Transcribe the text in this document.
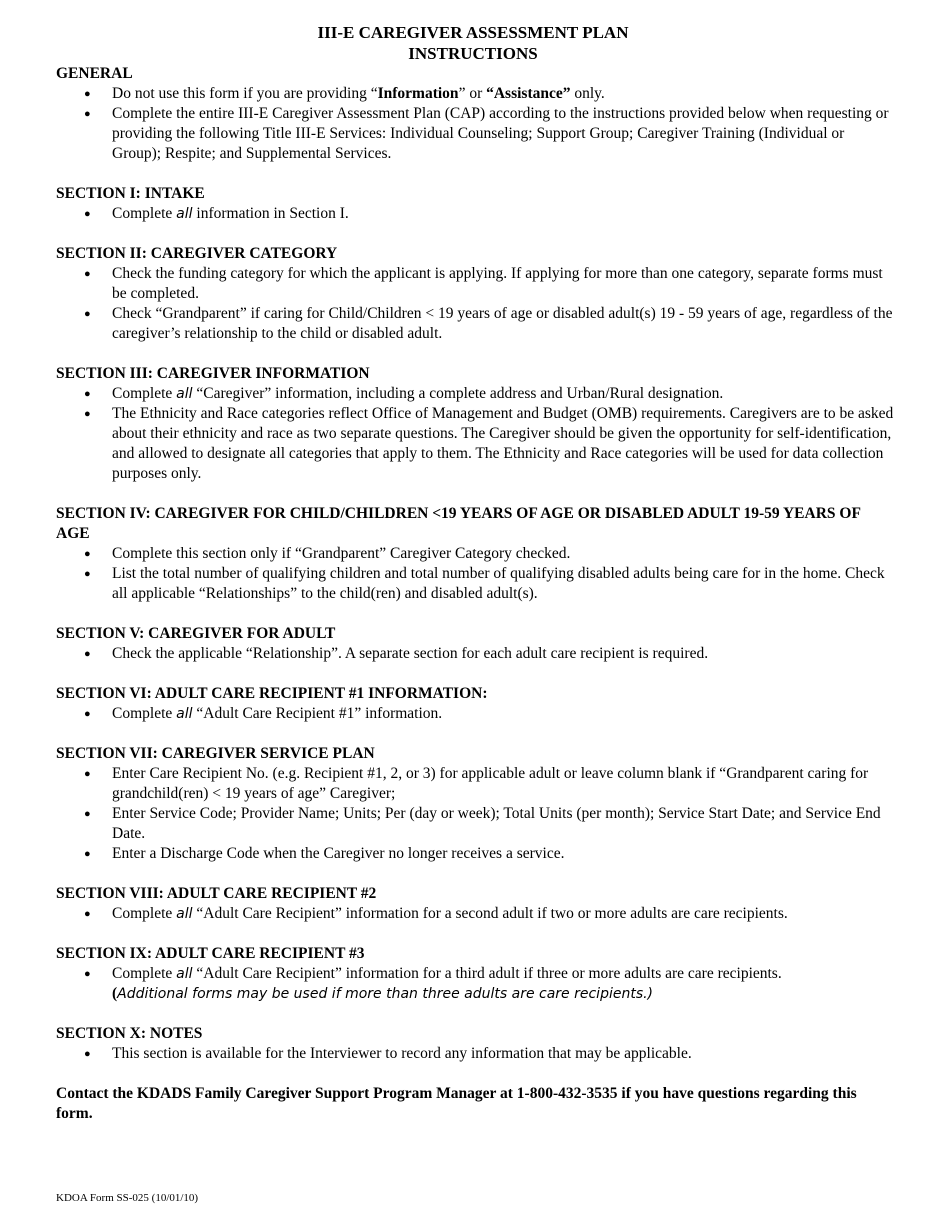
III-E CAREGIVER ASSESSMENT PLAN
INSTRUCTIONS
GENERAL
● Do not use this form if you are providing “Information” or “Assistance” only.
● Complete the entire III-E Caregiver Assessment Plan (CAP) according to the instructions provided below when requesting or providing the following Title III-E Services: Individual Counseling; Support Group; Caregiver Training (Individual or Group); Respite; and Supplemental Services.
SECTION I: INTAKE
● Complete all information in Section I.
SECTION II: CAREGIVER CATEGORY
● Check the funding category for which the applicant is applying. If applying for more than one category, separate forms must be completed.
● Check “Grandparent” if caring for Child/Children < 19 years of age or disabled adult(s) 19 - 59 years of age, regardless of the caregiver’s relationship to the child or disabled adult.
SECTION III: CAREGIVER INFORMATION
● Complete all “Caregiver” information, including a complete address and Urban/Rural designation.
● The Ethnicity and Race categories reflect Office of Management and Budget (OMB) requirements. Caregivers are to be asked about their ethnicity and race as two separate questions. The Caregiver should be given the opportunity for self-identification, and allowed to designate all categories that apply to them. The Ethnicity and Race categories will be used for data collection purposes only.
SECTION IV: CAREGIVER FOR CHILD/CHILDREN <19 YEARS OF AGE OR DISABLED ADULT 19-59 YEARS OF AGE
● Complete this section only if “Grandparent” Caregiver Category checked.
● List the total number of qualifying children and total number of qualifying disabled adults being care for in the home. Check all applicable “Relationships” to the child(ren) and disabled adult(s).
SECTION V: CAREGIVER FOR ADULT
● Check the applicable “Relationship”. A separate section for each adult care recipient is required.
SECTION VI: ADULT CARE RECIPIENT #1 INFORMATION:
● Complete all “Adult Care Recipient #1” information.
SECTION VII: CAREGIVER SERVICE PLAN
● Enter Care Recipient No. (e.g. Recipient #1, 2, or 3) for applicable adult or leave column blank if “Grandparent caring for grandchild(ren) < 19 years of age” Caregiver;
● Enter Service Code; Provider Name; Units; Per (day or week); Total Units (per month); Service Start Date; and Service End Date.
● Enter a Discharge Code when the Caregiver no longer receives a service.
SECTION VIII: ADULT CARE RECIPIENT #2
● Complete all “Adult Care Recipient” information for a second adult if two or more adults are care recipients.
SECTION IX: ADULT CARE RECIPIENT #3
● Complete all “Adult Care Recipient” information for a third adult if three or more adults are care recipients.
(Additional forms may be used if more than three adults are care recipients.)
SECTION X: NOTES
● This section is available for the Interviewer to record any information that may be applicable.
Contact the KDADS Family Caregiver Support Program Manager at 1-800-432-3535 if you have questions regarding this form.
KDOA Form SS-025 (10/01/10)
